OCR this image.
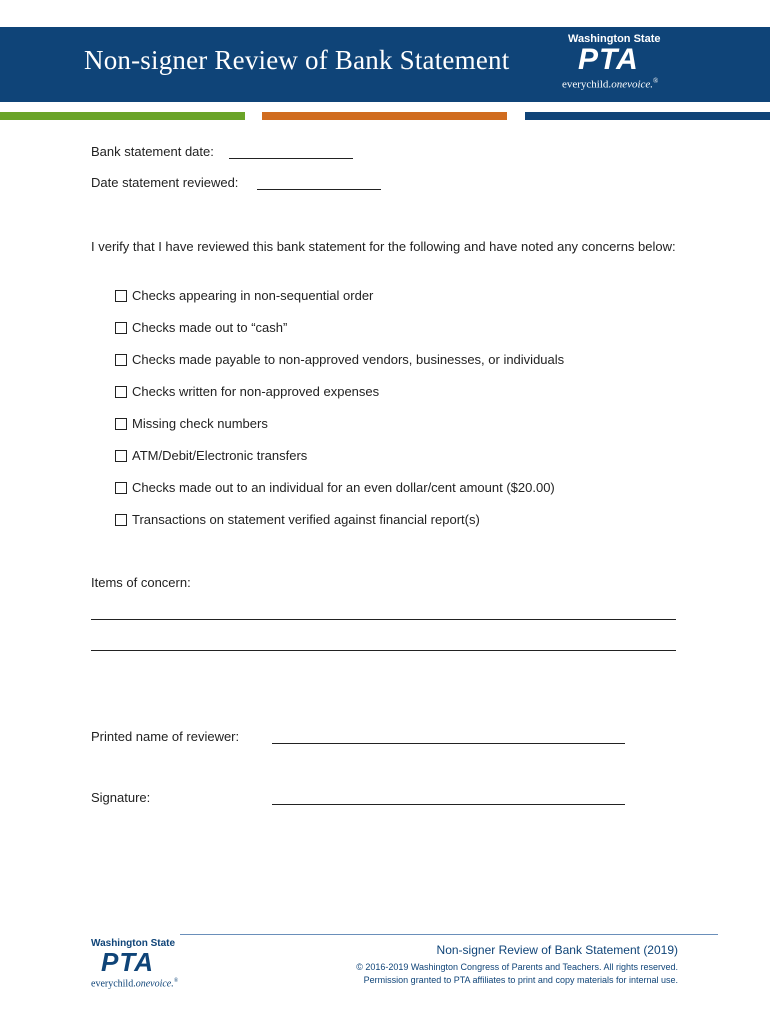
Non-signer Review of Bank Statement
Washington State
PTA
everychild.onevoice.®
Bank statement date:
Date statement reviewed:
I verify that I have reviewed this bank statement for the following and have noted any concerns below:
Checks appearing in non-sequential order
Checks made out to “cash”
Checks made payable to non-approved vendors, businesses, or individuals
Checks written for non-approved expenses
Missing check numbers
ATM/Debit/Electronic transfers
Checks made out to an individual for an even dollar/cent amount ($20.00)
Transactions on statement verified against financial report(s)
Items of concern:
Printed name of reviewer:
Signature:
Washington State
PTA
everychild.onevoice.®
Non-signer Review of Bank Statement (2019)
© 2016-2019 Washington Congress of Parents and Teachers. All rights reserved.
Permission granted to PTA affiliates to print and copy materials for internal use.
